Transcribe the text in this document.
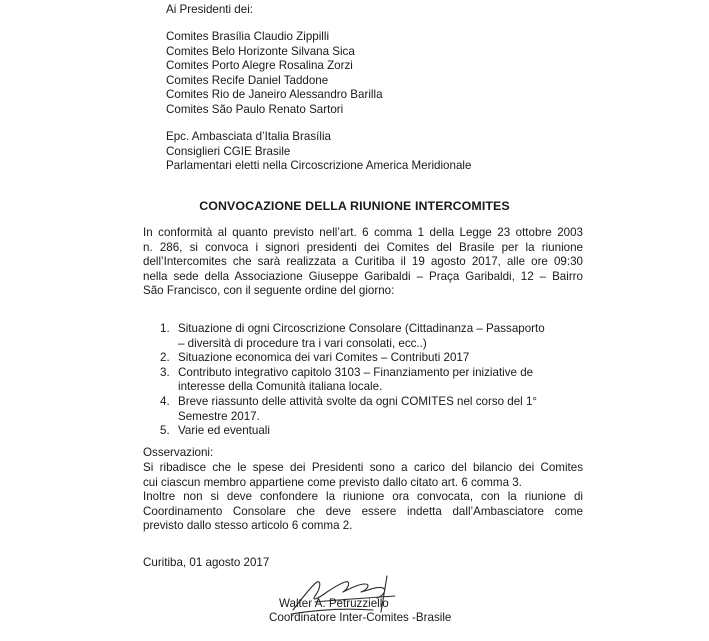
Ai Presidenti dei:
Comites Brasília Claudio Zippilli
Comites Belo Horizonte Silvana Sica
Comites Porto Alegre Rosalina Zorzi
Comites Recife Daniel Taddone
Comites Rio de Janeiro Alessandro Barilla
Comites São Paulo Renato Sartori
Epc. Ambasciata d’Italia Brasília
Consiglieri CGIE Brasile
Parlamentari eletti nella Circoscrizione America Meridionale
CONVOCAZIONE DELLA RIUNIONE INTERCOMITES
In conformità al quanto previsto nell’art. 6 comma 1 della Legge 23 ottobre 2003
n. 286, si convoca i signori presidenti dei Comites del Brasile per la riunione
dell’Intercomites che sarà realizzata a Curitiba il 19 agosto 2017, alle ore 09:30
nella sede della Associazione Giuseppe Garibaldi – Praça Garibaldi, 12 – Bairro
São Francisco, con il seguente ordine del giorno:
1. Situazione di ogni Circoscrizione Consolare (Cittadinanza – Passaporto
– diversità di procedure tra i vari consolati, ecc..)
2. Situazione economica dei vari Comites – Contributi 2017
3. Contributo integrativo capitolo 3103 – Finanziamento per iniziative de
interesse della Comunità italiana locale.
4. Breve riassunto delle attività svolte da ogni COMITES nel corso del 1°
Semestre 2017.
5. Varie ed eventuali
Osservazioni:
Si ribadisce che le spese dei Presidenti sono a carico del bilancio dei Comites
cui ciascun membro appartiene come previsto dallo citato art. 6 comma 3.
Inoltre non si deve confondere la riunione ora convocata, con la riunione di
Coordinamento Consolare che deve essere indetta dall’Ambasciatore come
previsto dallo stesso articolo 6 comma 2.
Curitiba, 01 agosto 2017
Walter A. Petruzziello
Coordinatore Inter-Comites -Brasile
